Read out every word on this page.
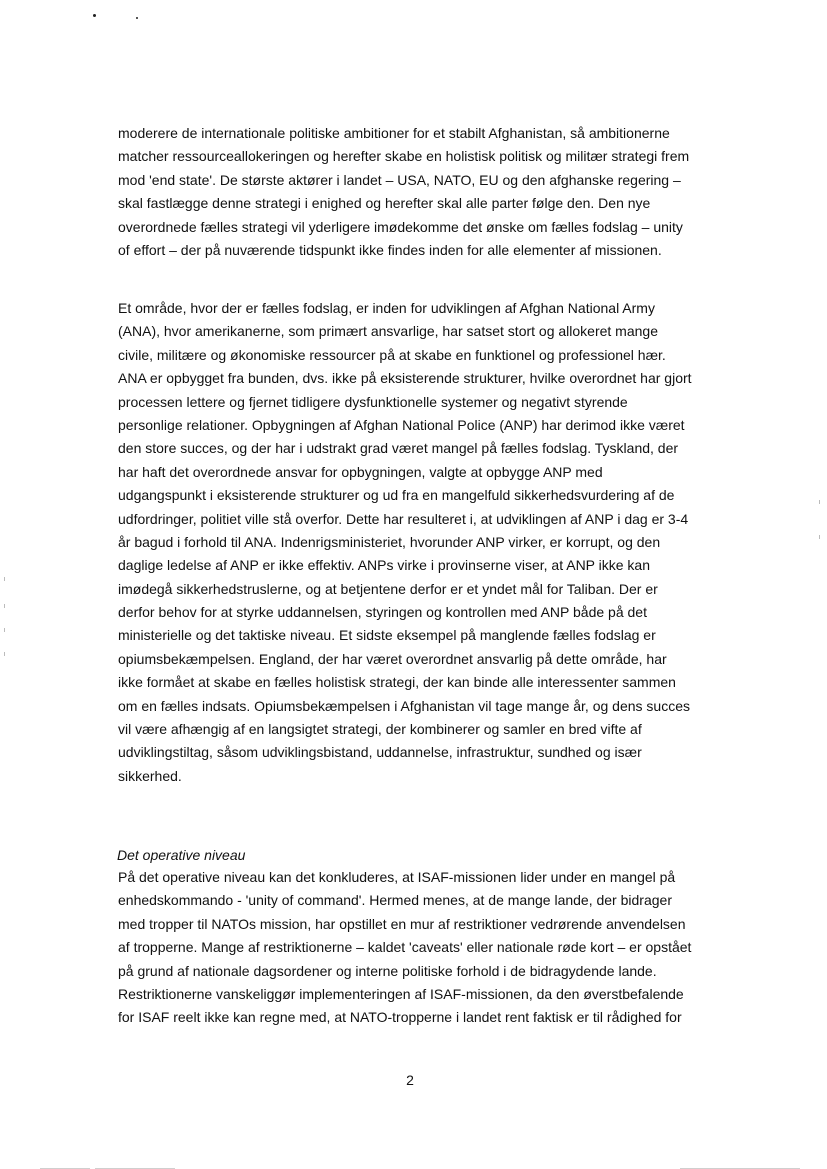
moderere de internationale politiske ambitioner for et stabilt Afghanistan, så ambitionerne
matcher ressourceallokeringen og herefter skabe en holistisk politisk og militær strategi frem
mod 'end state'. De største aktører i landet – USA, NATO, EU og den afghanske regering –
skal fastlægge denne strategi i enighed og herefter skal alle parter følge den. Den nye
overordnede fælles strategi vil yderligere imødekomme det ønske om fælles fodslag – unity
of effort – der på nuværende tidspunkt ikke findes inden for alle elementer af missionen.
Et område, hvor der er fælles fodslag, er inden for udviklingen af Afghan National Army
(ANA), hvor amerikanerne, som primært ansvarlige, har satset stort og allokeret mange
civile, militære og økonomiske ressourcer på at skabe en funktionel og professionel hær.
ANA er opbygget fra bunden, dvs. ikke på eksisterende strukturer, hvilke overordnet har gjort
processen lettere og fjernet tidligere dysfunktionelle systemer og negativt styrende
personlige relationer. Opbygningen af Afghan National Police (ANP) har derimod ikke været
den store succes, og der har i udstrakt grad været mangel på fælles fodslag. Tyskland, der
har haft det overordnede ansvar for opbygningen, valgte at opbygge ANP med
udgangspunkt i eksisterende strukturer og ud fra en mangelfuld sikkerhedsvurdering af de
udfordringer, politiet ville stå overfor. Dette har resulteret i, at udviklingen af ANP i dag er 3-4
år bagud i forhold til ANA. Indenrigsministeriet, hvorunder ANP virker, er korrupt, og den
daglige ledelse af ANP er ikke effektiv. ANPs virke i provinserne viser, at ANP ikke kan
imødegå sikkerhedstruslerne, og at betjentene derfor er et yndet mål for Taliban. Der er
derfor behov for at styrke uddannelsen, styringen og kontrollen med ANP både på det
ministerielle og det taktiske niveau. Et sidste eksempel på manglende fælles fodslag er
opiumsbekæmpelsen. England, der har været overordnet ansvarlig på dette område, har
ikke formået at skabe en fælles holistisk strategi, der kan binde alle interessenter sammen
om en fælles indsats. Opiumsbekæmpelsen i Afghanistan vil tage mange år, og dens succes
vil være afhængig af en langsigtet strategi, der kombinerer og samler en bred vifte af
udviklingstiltag, såsom udviklingsbistand, uddannelse, infrastruktur, sundhed og især
sikkerhed.
Det operative niveau
På det operative niveau kan det konkluderes, at ISAF-missionen lider under en mangel på
enhedskommando - 'unity of command'. Hermed menes, at de mange lande, der bidrager
med tropper til NATOs mission, har opstillet en mur af restriktioner vedrørende anvendelsen
af tropperne. Mange af restriktionerne – kaldet 'caveats' eller nationale røde kort – er opstået
på grund af nationale dagsordener og interne politiske forhold i de bidragydende lande.
Restriktionerne vanskeliggør implementeringen af ISAF-missionen, da den øverstbefalende
for ISAF reelt ikke kan regne med, at NATO-tropperne i landet rent faktisk er til rådighed for
2
